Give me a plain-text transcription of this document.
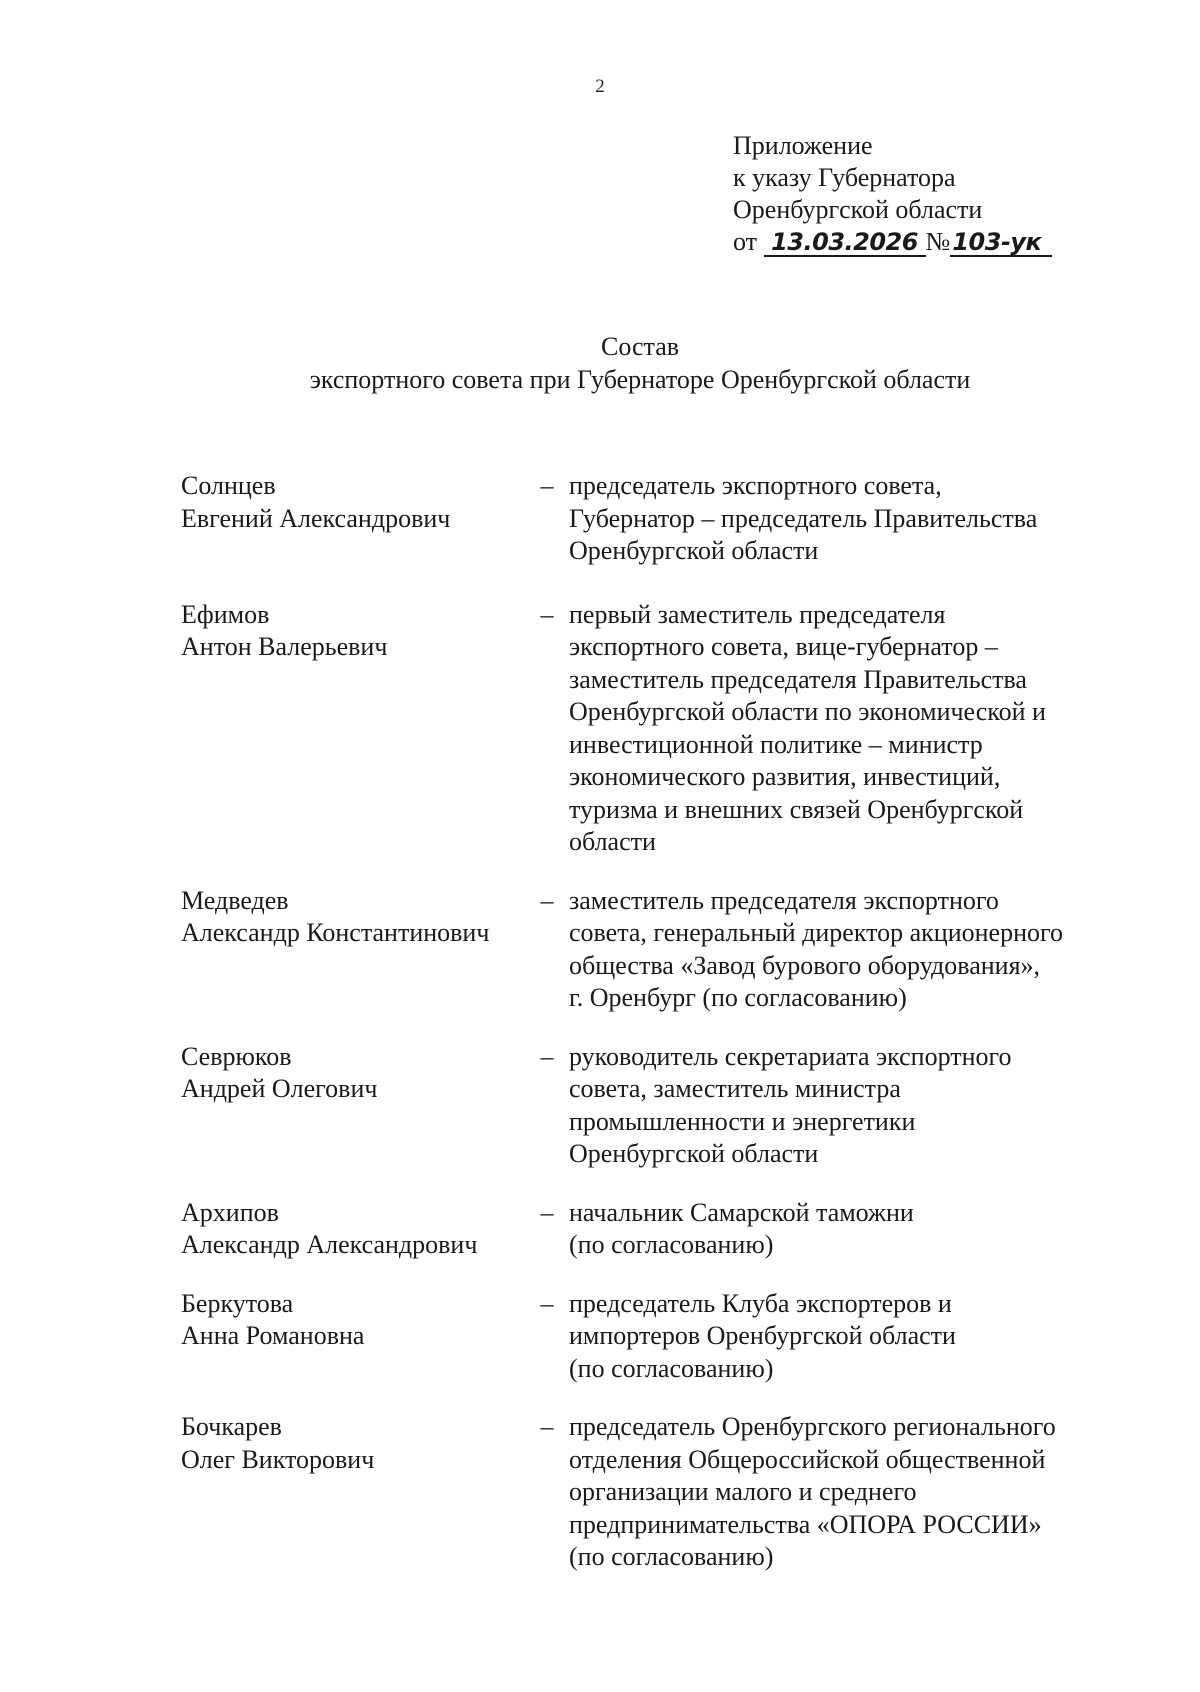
2
Приложение
к указу Губернатора
Оренбургской области
от 13.03.2026 №103-ук
Состав
экспортного совета при Губернаторе Оренбургской области
Солнцев
Евгений Александрович
– председатель экспортного совета,
Губернатор – председатель Правительства
Оренбургской области
Ефимов
Антон Валерьевич
– первый заместитель председателя
экспортного совета, вице-губернатор –
заместитель председателя Правительства
Оренбургской области по экономической и
инвестиционной политике – министр
экономического развития, инвестиций,
туризма и внешних связей Оренбургской
области
Медведев
Александр Константинович
– заместитель председателя экспортного
совета, генеральный директор акционерного
общества «Завод бурового оборудования»,
г. Оренбург (по согласованию)
Севрюков
Андрей Олегович
– руководитель секретариата экспортного
совета, заместитель министра
промышленности и энергетики
Оренбургской области
Архипов
Александр Александрович
– начальник Самарской таможни
(по согласованию)
Беркутова
Анна Романовна
– председатель Клуба экспортеров и
импортеров Оренбургской области
(по согласованию)
Бочкарев
Олег Викторович
– председатель Оренбургского регионального
отделения Общероссийской общественной
организации малого и среднего
предпринимательства «ОПОРА РОССИИ»
(по согласованию)
